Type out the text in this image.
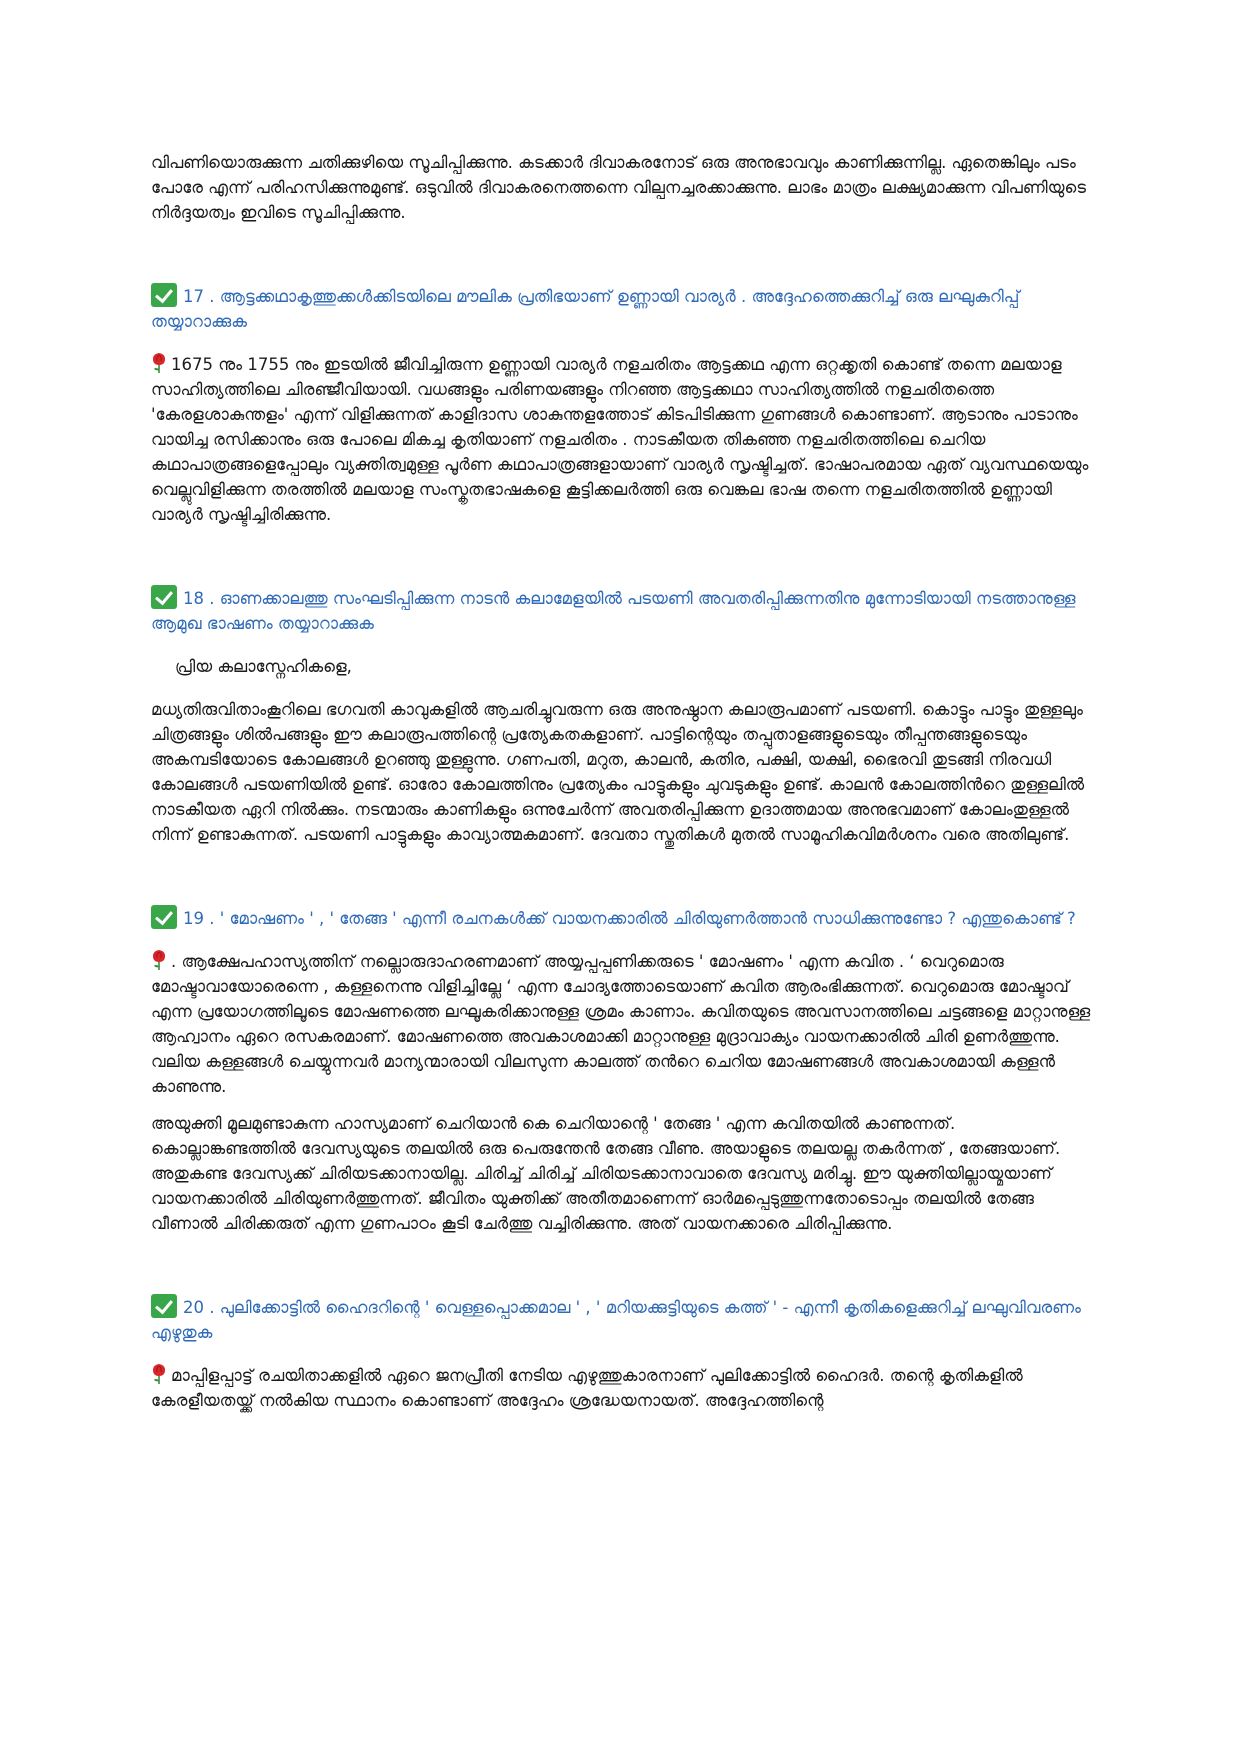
വിപണിയൊരുക്കുന്ന ചതിക്കുഴിയെ സൂചിപ്പിക്കുന്നു. കടക്കാർ ദിവാകരനോട് ഒരു അനുഭാവവും കാണിക്കുന്നില്ല. ഏതെങ്കിലും പടം പോരേ എന്ന് പരിഹസിക്കുന്നുമുണ്ട്. ഒടുവിൽ ദിവാകരനെത്തന്നെ വില്പനച്ചരക്കാക്കുന്നു. ലാഭം മാത്രം ലക്ഷ്യമാക്കുന്ന വിപണിയുടെ നിർദ്ദയത്വം ഇവിടെ സൂചിപ്പിക്കുന്നു.

17 . ആട്ടക്കഥാകൃത്തുക്കൾക്കിടയിലെ മൗലിക പ്രതിഭയാണ് ഉണ്ണായി വാര്യർ . അദ്ദേഹത്തെക്കുറിച്ച് ഒരു ലഘുകുറിപ്പ് തയ്യാറാക്കുക

1675 നും 1755 നും ഇടയിൽ ജീവിച്ചിരുന്ന ഉണ്ണായി വാര്യർ നളചരിതം ആട്ടക്കഥ എന്ന ഒറ്റക്കൃതി കൊണ്ട് തന്നെ മലയാള സാഹിത്യത്തിലെ ചിരഞ്ജീവിയായി. വധങ്ങളും പരിണയങ്ങളും നിറഞ്ഞ ആട്ടക്കഥാ സാഹിത്യത്തിൽ നളചരിതത്തെ 'കേരളശാകുന്തളം' എന്ന് വിളിക്കുന്നത് കാളിദാസ ശാകുന്തളത്തോട് കിടപിടിക്കുന്ന ഗുണങ്ങൾ കൊണ്ടാണ്. ആടാനും പാടാനും വായിച്ച രസിക്കാനും ഒരു പോലെ മികച്ച കൃതിയാണ് നളചരിതം . നാടകീയത തികഞ്ഞ നളചരിതത്തിലെ ചെറിയ കഥാപാത്രങ്ങളെപ്പോലും വ്യക്തിത്വമുള്ള പൂർണ കഥാപാത്രങ്ങളായാണ് വാര്യർ സൃഷ്ടിച്ചത്. ഭാഷാപരമായ ഏത് വ്യവസ്ഥയെയും വെല്ലുവിളിക്കുന്ന തരത്തിൽ മലയാള സംസ്കൃതഭാഷകളെ കൂട്ടിക്കലർത്തി ഒരു വെങ്കല ഭാഷ തന്നെ നളചരിതത്തിൽ ഉണ്ണായി വാര്യർ സൃഷ്ടിച്ചിരിക്കുന്നു.

18 . ഓണക്കാലത്തു സംഘടിപ്പിക്കുന്ന നാടൻ കലാമേളയിൽ പടയണി അവതരിപ്പിക്കുന്നതിനു മുന്നോടിയായി നടത്താനുള്ള ആമുഖ ഭാഷണം തയ്യാറാക്കുക

പ്രിയ കലാസ്നേഹികളെ,

മധ്യതിരുവിതാംകൂറിലെ ഭഗവതി കാവുകളിൽ ആചരിച്ചുവരുന്ന ഒരു അനുഷ്ഠാന കലാരൂപമാണ് പടയണി. കൊട്ടും പാട്ടും തുള്ളലും ചിത്രങ്ങളും ശിൽപങ്ങളും ഈ കലാരൂപത്തിന്റെ പ്രത്യേകതകളാണ്. പാട്ടിന്റെയും തപ്പുതാളങ്ങളുടെയും തീപ്പന്തങ്ങളുടെയും അകമ്പടിയോടെ കോലങ്ങൾ ഉറഞ്ഞു തുള്ളുന്നു. ഗണപതി, മറുത, കാലൻ, കതിര, പക്ഷി, യക്ഷി, ഭൈരവി തുടങ്ങി നിരവധി കോലങ്ങൾ പടയണിയിൽ ഉണ്ട്. ഓരോ കോലത്തിനും പ്രത്യേകം പാട്ടുകളും ചുവടുകളും ഉണ്ട്. കാലൻ കോലത്തിൻറെ തുള്ളലിൽ നാടകീയത ഏറി നിൽക്കും. നടന്മാരും കാണികളും ഒന്നുചേർന്ന് അവതരിപ്പിക്കുന്ന ഉദാത്തമായ അനുഭവമാണ് കോലംതുള്ളൽ നിന്ന് ഉണ്ടാകുന്നത്. പടയണി പാട്ടുകളും കാവ്യാത്മകമാണ്. ദേവതാ സ്തുതികൾ മുതൽ സാമൂഹികവിമർശനം വരെ അതിലുണ്ട്.

19 . ' മോഷണം ' , ' തേങ്ങ ' എന്നീ രചനകൾക്ക് വായനക്കാരിൽ ചിരിയുണർത്താൻ സാധിക്കുന്നുണ്ടോ ? എന്തുകൊണ്ട് ?

. ആക്ഷേപഹാസ്യത്തിന് നല്ലൊരുദാഹരണമാണ് അയ്യപ്പപ്പണിക്കരുടെ ' മോഷണം ' എന്ന കവിത . ‘ വെറുമൊരു മോഷ്ടാവായോരെന്നെ , കള്ളനെന്നു വിളിച്ചില്ലേ ‘ എന്ന ചോദ്യത്തോടെയാണ് കവിത ആരംഭിക്കുന്നത്. വെറുമൊരു മോഷ്ടാവ് എന്ന പ്രയോഗത്തിലൂടെ മോഷണത്തെ ലഘൂകരിക്കാനുള്ള ശ്രമം കാണാം. കവിതയുടെ അവസാനത്തിലെ ചട്ടങ്ങളെ മാറ്റാനുള്ള ആഹ്വാനം ഏറെ രസകരമാണ്. മോഷണത്തെ അവകാശമാക്കി മാറ്റാനുള്ള മുദ്രാവാക്യം വായനക്കാരിൽ ചിരി ഉണർത്തുന്നു. വലിയ കള്ളങ്ങൾ ചെയ്യുന്നവർ മാന്യന്മാരായി വിലസുന്ന കാലത്ത് തൻറെ ചെറിയ മോഷണങ്ങൾ അവകാശമായി കള്ളൻ കാണുന്നു.

അയുക്തി മൂലമുണ്ടാകുന്ന ഹാസ്യമാണ് ചെറിയാൻ കെ ചെറിയാന്റെ ' തേങ്ങ ' എന്ന കവിതയിൽ കാണുന്നത്. കൊല്ലാങ്കണ്ടത്തിൽ ദേവസ്യയുടെ തലയിൽ ഒരു പെരുന്തേൻ തേങ്ങ വീണു. അയാളുടെ തലയല്ല തകർന്നത് , തേങ്ങയാണ്. അതുകണ്ട ദേവസ്യക്ക് ചിരിയടക്കാനായില്ല. ചിരിച്ച് ചിരിച്ച് ചിരിയടക്കാനാവാതെ ദേവസ്യ മരിച്ചു. ഈ യുക്തിയില്ലായ്മയാണ് വായനക്കാരിൽ ചിരിയുണർത്തുന്നത്. ജീവിതം യുക്തിക്ക് അതീതമാണെന്ന് ഓർമപ്പെടുത്തുന്നതോടൊപ്പം തലയിൽ തേങ്ങ വീണാൽ ചിരിക്കരുത് എന്ന ഗുണപാഠം കൂടി ചേർത്തു വച്ചിരിക്കുന്നു. അത് വായനക്കാരെ ചിരിപ്പിക്കുന്നു.

20 . പുലിക്കോട്ടിൽ ഹൈദറിന്റെ ' വെള്ളപ്പൊക്കമാല ' , ' മറിയക്കുട്ടിയുടെ കത്ത് ' - എന്നീ കൃതികളെക്കുറിച്ച് ലഘുവിവരണം എഴുതുക

മാപ്പിളപ്പാട്ട് രചയിതാക്കളിൽ ഏറെ ജനപ്രീതി നേടിയ എഴുത്തുകാരനാണ് പുലിക്കോട്ടിൽ ഹൈദർ. തന്റെ കൃതികളിൽ കേരളീയതയ്ക്ക് നൽകിയ സ്ഥാനം കൊണ്ടാണ് അദ്ദേഹം ശ്രദ്ധേയനായത്. അദ്ദേഹത്തിന്റെ
